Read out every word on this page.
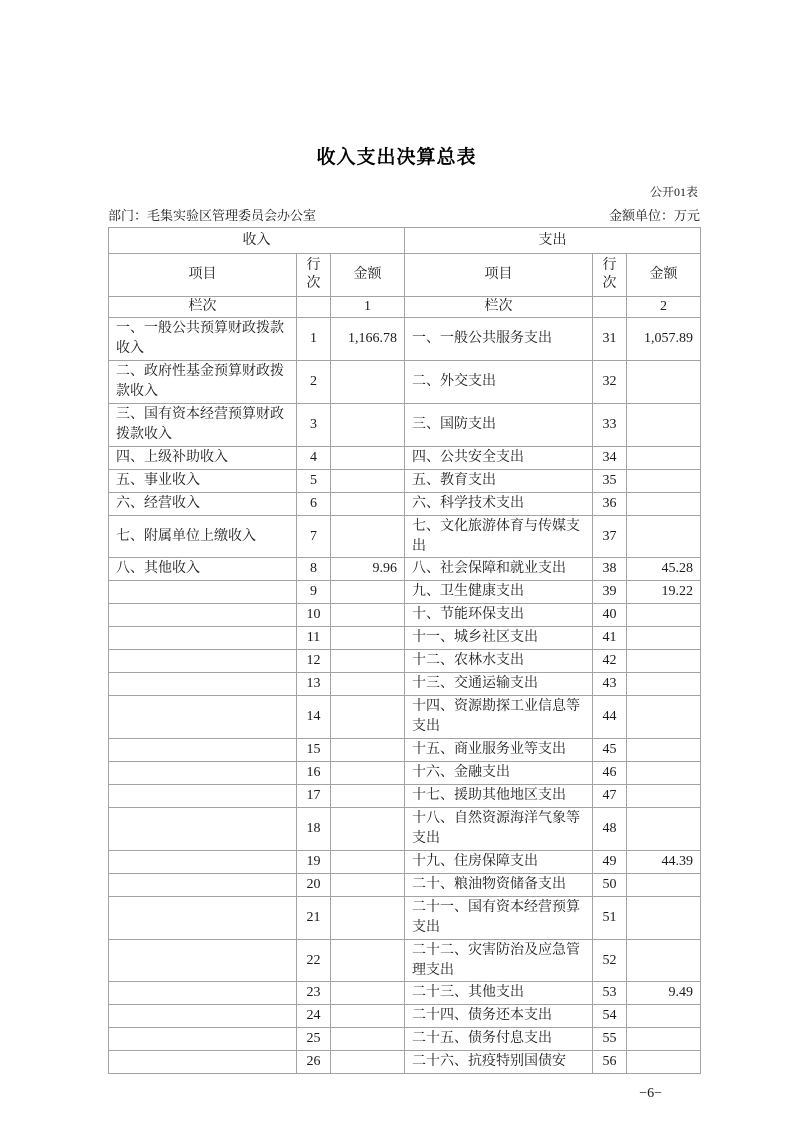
收入支出决算总表
公开01表
部门：毛集实验区管理委员会办公室	金额单位：万元
收入			支出		
项目	行次	金额	项目	行次	金额
栏次		1	栏次		2
一、一般公共预算财政拨款收入	1	1,166.78	一、一般公共服务支出	31	1,057.89
二、政府性基金预算财政拨款收入	2		二、外交支出	32	
三、国有资本经营预算财政拨款收入	3		三、国防支出	33	
四、上级补助收入	4		四、公共安全支出	34	
五、事业收入	5		五、教育支出	35	
六、经营收入	6		六、科学技术支出	36	
七、附属单位上缴收入	7		七、文化旅游体育与传媒支出	37	
八、其他收入	8	9.96	八、社会保障和就业支出	38	45.28
	9		九、卫生健康支出	39	19.22
	10		十、节能环保支出	40	
	11		十一、城乡社区支出	41	
	12		十二、农林水支出	42	
	13		十三、交通运输支出	43	
	14		十四、资源勘探工业信息等支出	44	
	15		十五、商业服务业等支出	45	
	16		十六、金融支出	46	
	17		十七、援助其他地区支出	47	
	18		十八、自然资源海洋气象等支出	48	
	19		十九、住房保障支出	49	44.39
	20		二十、粮油物资储备支出	50	
	21		二十一、国有资本经营预算支出	51	
	22		二十二、灾害防治及应急管理支出	52	
	23		二十三、其他支出	53	9.49
	24		二十四、债务还本支出	54	
	25		二十五、债务付息支出	55	
	26		二十六、抗疫特别国债安	56	
−6−
